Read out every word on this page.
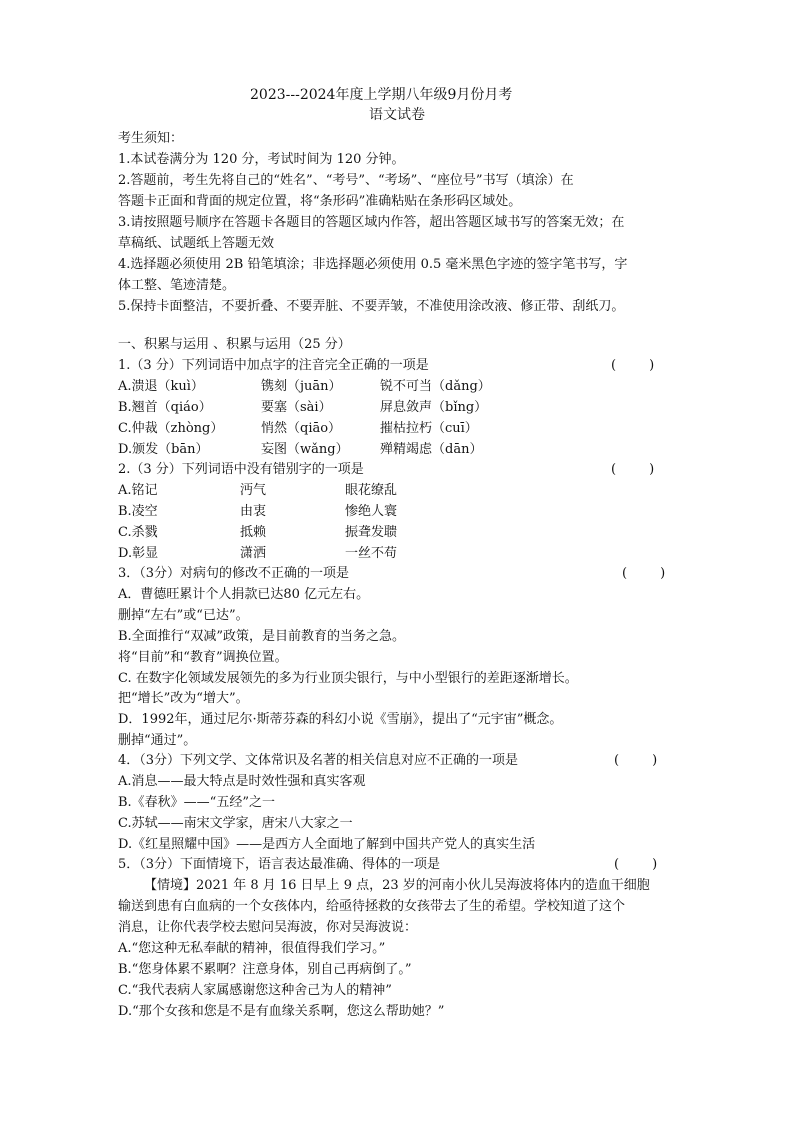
2023---2024年度上学期八年级9月份月考
语文试卷
考生须知：
1.本试卷满分为 120 分，考试时间为 120 分钟。
2.答题前，考生先将自己的“姓名”、“考号”、“考场”、“座位号”书写（填涂）在
答题卡正面和背面的规定位置，将“条形码”准确粘贴在条形码区域处。
3.请按照题号顺序在答题卡各题目的答题区域内作答，超出答题区域书写的答案无效；在
草稿纸、试题纸上答题无效
4.选择题必须使用 2B 铅笔填涂；非选择题必须使用 0.5 毫米黑色字迹的签字笔书写，字
体工整、笔迹清楚。
5.保持卡面整洁，不要折叠、不要弄脏、不要弄皱，不准使用涂改液、修正带、刮纸刀。
一、积累与运用 、积累与运用（25 分）
1.（3 分）下列词语中加点字的注音完全正确的一项是	(        )
A.溃退（kuì）	镌刻（juān）	锐不可当（dǎng）
B.翘首（qiáo）	要塞（sài）	屏息敛声（bǐng）
C.仲裁（zhòng）	悄然（qiāo）	摧枯拉朽（cuī）
D.颁发（bān）	妄图（wǎng） 殚精竭虑（dān）
2.（3 分）下列词语中没有错别字的一项是	(        )
A.铭记	沔气	眼花缭乱
B.凌空	由衷	惨绝人寰
C.杀戮	抵赖	振聋发聩
D.彰显	潇洒	一丝不苟
3．（3分）对病句的修改不正确的一项是	(        )
A．曹德旺累计个人捐款已达80 亿元左右。
删掉“左右”或“已达”。
B.全面推行“双减”政策，是目前教育的当务之急。
将“目前”和“教育”调换位置。
C. 在数字化领域发展领先的多为行业顶尖银行，与中小型银行的差距逐渐增长。
把“增长”改为“增大”。
D．1992年，通过尼尔·斯蒂芬森的科幻小说《雪崩》，提出了“元宇宙”概念。
删掉“通过”。
4．（3分）下列文学、文体常识及名著的相关信息对应不正确的一项是	(        )
A.消息——最大特点是时效性强和真实客观
B.《春秋》——“五经”之一
C.苏轼——南宋文学家，唐宋八大家之一
D.《红星照耀中国》——是西方人全面地了解到中国共产党人的真实生活
5．（3分）下面情境下，语言表达最准确、得体的一项是	(        )
【情境】2021 年 8 月 16 日早上 9 点，23 岁的河南小伙儿吴海波将体内的造血干细胞
输送到患有白血病的一个女孩体内，给亟待拯救的女孩带去了生的希望。学校知道了这个
消息，让你代表学校去慰问吴海波，你对吴海波说：
A.“您这种无私奉献的精神，很值得我们学习。”
B.“您身体累不累啊？注意身体，别自己再病倒了。”
C.“我代表病人家属感谢您这种舍己为人的精神”
D.“那个女孩和您是不是有血缘关系啊，您这么帮助她？”
